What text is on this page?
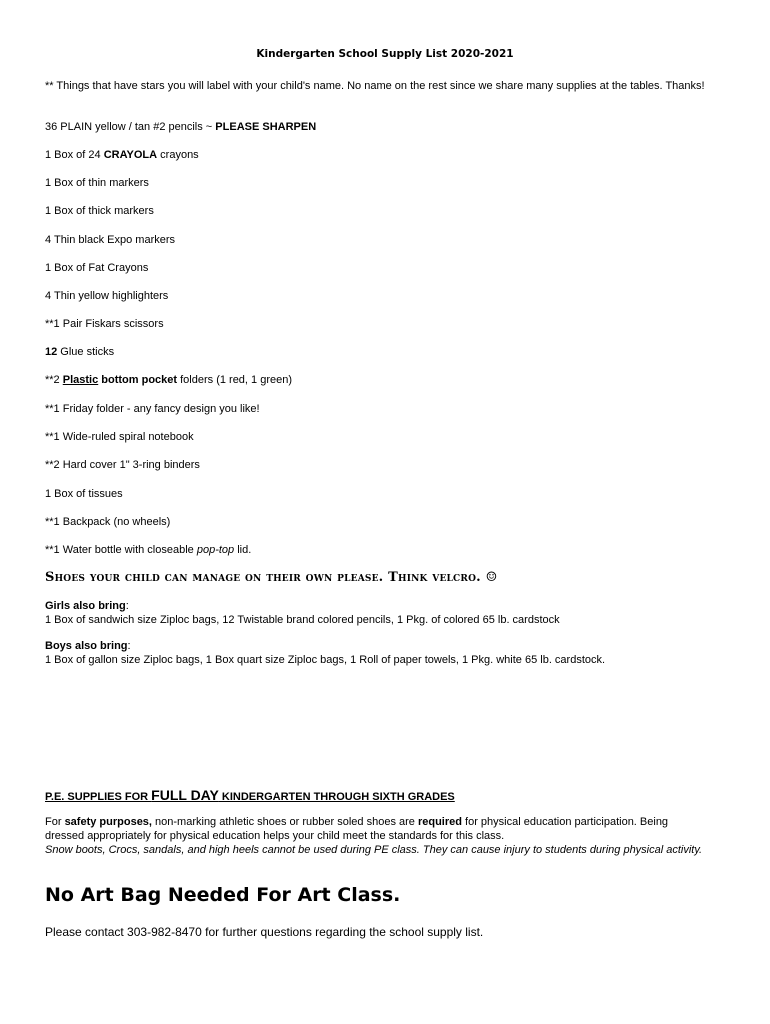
Kindergarten School Supply List 2020-2021

** Things that have stars you will label with your child's name. No name on the rest since we share many supplies at the tables. Thanks!

36 PLAIN yellow / tan #2 pencils ~ PLEASE SHARPEN

1 Box of 24 CRAYOLA crayons

1 Box of thin markers

1 Box of thick markers

4 Thin black Expo markers

1 Box of Fat Crayons

4 Thin yellow highlighters

**1 Pair Fiskars scissors

12 Glue sticks

**2 Plastic bottom pocket folders (1 red, 1 green)

**1 Friday folder - any fancy design you like!

**1 Wide-ruled spiral notebook

**2 Hard cover 1" 3-ring binders

1 Box of tissues

**1 Backpack (no wheels)

**1 Water bottle with closeable pop-top lid.

Shoes your child can manage on their own please. Think velcro. ☺

Girls also bring:

1 Box of sandwich size Ziploc bags, 12 Twistable brand colored pencils, 1 Pkg. of colored 65 lb. cardstock

Boys also bring:

1 Box of gallon size Ziploc bags, 1 Box quart size Ziploc bags, 1 Roll of paper towels, 1 Pkg. white 65 lb. cardstock.

P.E. SUPPLIES FOR FULL DAY KINDERGARTEN THROUGH SIXTH GRADES

For safety purposes, non-marking athletic shoes or rubber soled shoes are required for physical education participation. Being dressed appropriately for physical education helps your child meet the standards for this class.

Snow boots, Crocs, sandals, and high heels cannot be used during PE class. They can cause injury to students during physical activity.

No Art Bag Needed For Art Class.

Please contact 303-982-8470 for further questions regarding the school supply list.
